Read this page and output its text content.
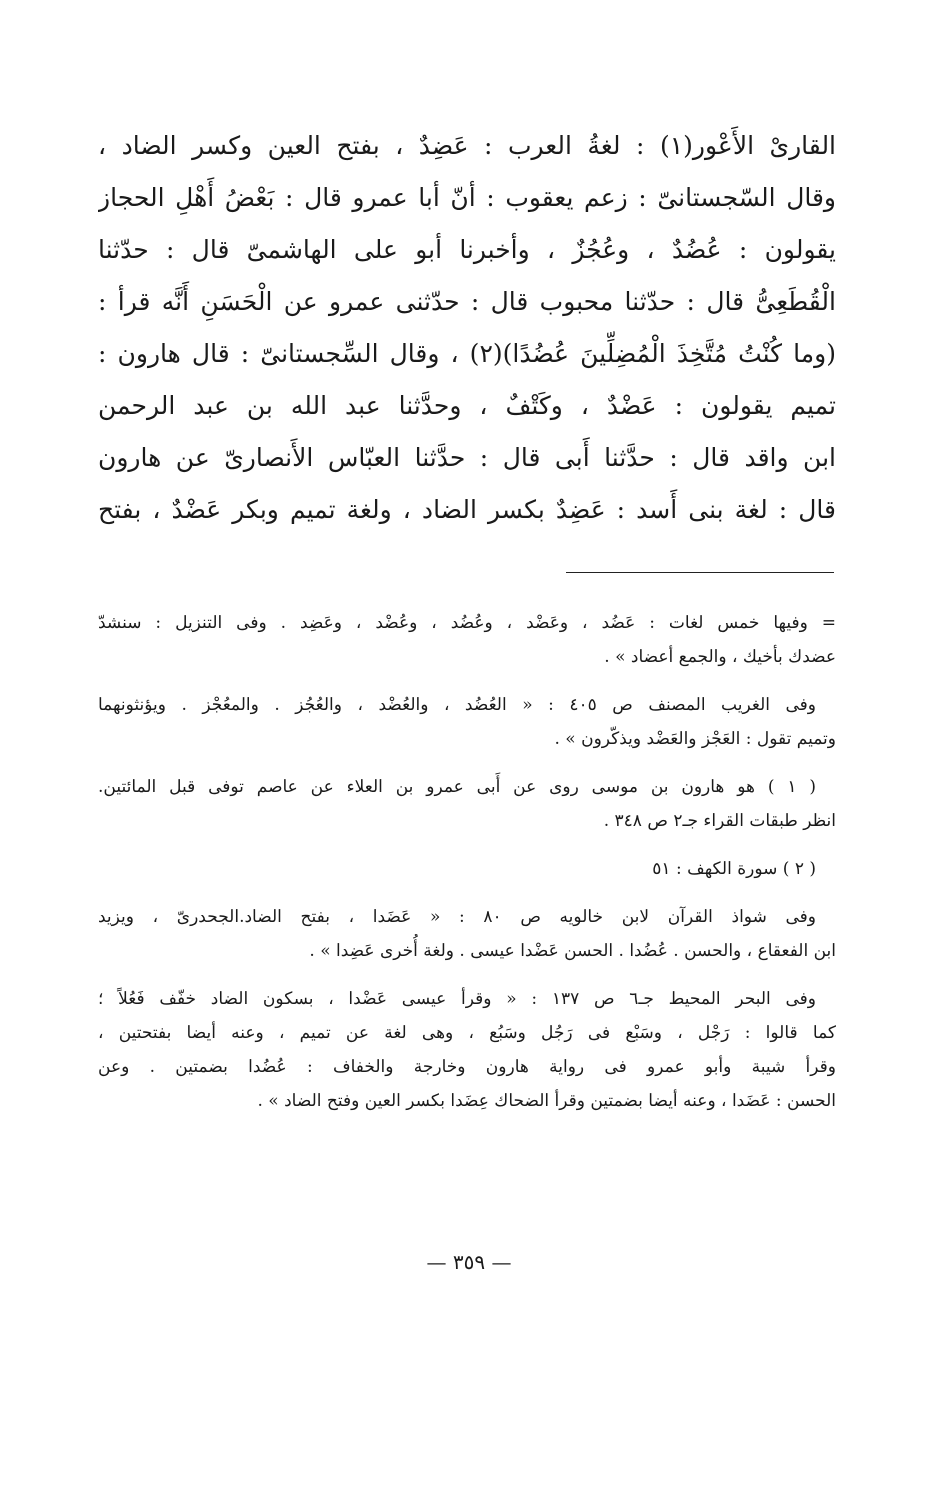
القارىْ الأَعْور(١) : لغةُ العرب : عَضِدٌ ، بفتح العين وكسر الضاد ،
وقال السّجستانىّ : زعم يعقوب : أنّ أبا عمرو قال : بَعْضُ أَهْلِ الحجاز
يقولون : عُضُدٌ ، وعُجُزٌ ، وأخبرنا أبو على الهاشمىّ قال : حدّثنا
الْقُطَعِىُّ قال : حدّثنا محبوب قال : حدّثنى عمرو عن الْحَسَنِ أَنَّه قرأ :
(وما كُنْتُ مُتَّخِذَ الْمُضِلِّينَ عُضُدًا)(٢) ، وقال السِّجستانىّ : قال هارون :
تميم يقولون : عَضْدٌ ، وكَتْفٌ ، وحدَّثنا عبد الله بن عبد الرحمن
ابن واقد قال : حدَّثنا أَبى قال : حدَّثنا العبّاس الأَنصارىّ عن هارون
قال : لغة بنى أَسد : عَضِدٌ بكسر الضاد ، ولغة تميم وبكر عَضْدٌ ، بفتح
= وفيها خمس لغات : عَضُد ، وعَضْد ، وعُضُد ، وعُضْد ، وعَضِد . وفى التنزيل : سنشدّ
عضدك بأخيك ، والجمع أعضاد » .
وفى الغريب المصنف ص ٤٠٥ : « العُضُد ، والعُضْد ، والعُجُز . والمعُجْز . ويؤنثونهما
وتميم تقول : العَجْز والعَضْد ويذكّرون » .
( ١ ) هو هارون بن موسى روى عن أَبى عمرو بن العلاء عن عاصم توفى قبل المائتين.
انظر طبقات القراء جـ٢ ص ٣٤٨ .
( ٢ ) سورة الكهف : ٥١
وفى شواذ القرآن لابن خالويه ص ٨٠ : « عَضَدا ، بفتح الضاد.الجحدرىّ ، ويزيد
ابن الفعقاع ، والحسن . عُضُدا . الحسن عَضْدا عيسى . ولغة أُخرى عَضِدا » .
وفى البحر المحيط جـ٦ ص ١٣٧ : « وقرأ عيسى عَضْدا ، بسكون الضاد خفّف فَعُلاً ؛
كما قالوا : رَجْل ، وسَبْع فى رَجُل وسَبُع ، وهى لغة عن تميم ، وعنه أيضا بفتحتين ،
وقرأ شيبة وأبو عمرو فى رواية هارون وخارجة والخفاف : عُضُدا بضمتين . وعن
الحسن : عَضَدا ، وعنه أيضا بضمتين وقرأ الضحاك عِضَدا بكسر العين وفتح الضاد » .
— ٣٥٩ —
